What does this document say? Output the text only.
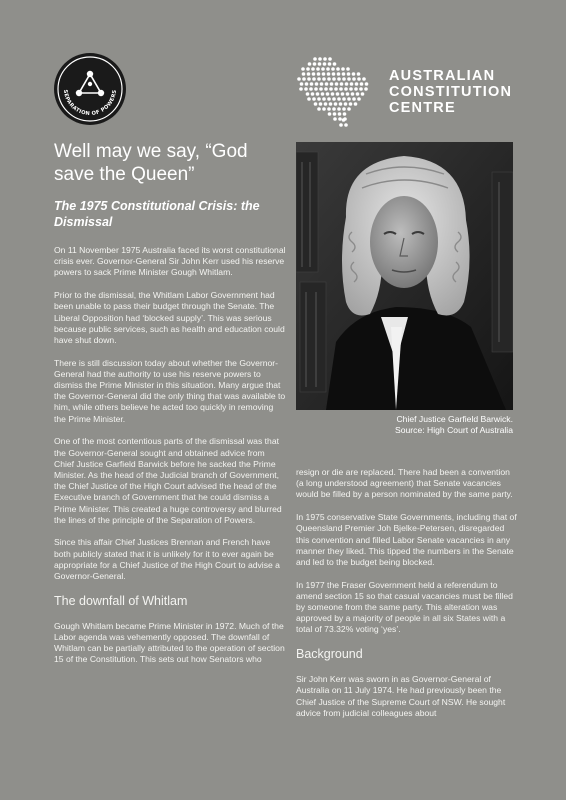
SEPARATION OF POWERS
AUSTRALIAN
CONSTITUTION
CENTRE
Well may we say, “God save the Queen”
The 1975 Constitutional Crisis: the Dismissal

On 11 November 1975 Australia faced its worst constitutional crisis ever. Governor-General Sir John Kerr used his reserve powers to sack Prime Minister Gough Whitlam.

Prior to the dismissal, the Whitlam Labor Government had been unable to pass their budget through the Senate. The Liberal Opposition had ‘blocked supply’. This was serious because public services, such as health and education could have shut down.

There is still discussion today about whether the Governor-General had the authority to use his reserve powers to dismiss the Prime Minister in this situation. Many argue that the Governor-General did the only thing that was available to him, while others believe he acted too quickly in removing the Prime Minister.

One of the most contentious parts of the dismissal was that the Governor-General sought and obtained advice from Chief Justice Garfield Barwick before he sacked the Prime Minister. As the head of the Judicial branch of Government, the Chief Justice of the High Court advised the head of the Executive branch of Government that he could dismiss a Prime Minister. This created a huge controversy and blurred the lines of the principle of the Separation of Powers.

Since this affair Chief Justices Brennan and French have both publicly stated that it is unlikely for it to ever again be appropriate for a Chief Justice of the High Court to advise a Governor-General.

The downfall of Whitlam

Gough Whitlam became Prime Minister in 1972. Much of the Labor agenda was vehemently opposed. The downfall of Whitlam can be partially attributed to the operation of section 15 of the Constitution. This sets out how Senators who

Chief Justice Garfield Barwick.
Source: High Court of Australia

resign or die are replaced. There had been a convention (a long understood agreement) that Senate vacancies would be filled by a person nominated by the same party.

In 1975 conservative State Governments, including that of Queensland Premier Joh Bjelke-Petersen, disregarded this convention and filled Labor Senate vacancies in any manner they liked. This tipped the numbers in the Senate and led to the budget being blocked.

In 1977 the Fraser Government held a referendum to amend section 15 so that casual vacancies must be filled by someone from the same party. This alteration was approved by a majority of people in all six States with a total of 73.32% voting ‘yes’.

Background

Sir John Kerr was sworn in as Governor-General of Australia on 11 July 1974. He had previously been the Chief Justice of the Supreme Court of NSW. He sought advice from judicial colleagues about
